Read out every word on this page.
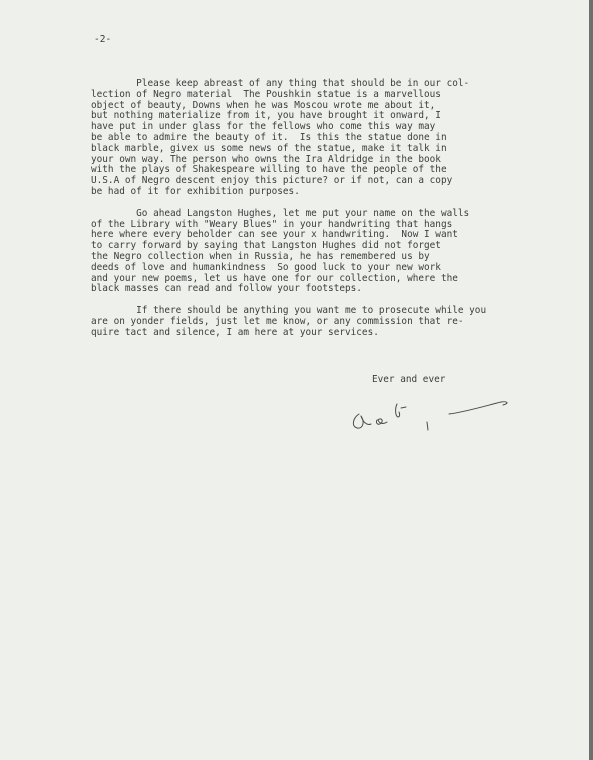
-2-

Please keep abreast of any thing that should be in our col-

lection of Negro material  The Poushkin statue is a marvellous

object of beauty, Downs when he was Moscou wrote me about it,

but nothing materialize from it, you have brought it onward, I

have put in under glass for the fellows who come this way may

be able to admire the beauty of it.  Is this the statue done in

black marble, givex us some news of the statue, make it talk in

your own way. The person who owns the Ira Aldridge in the book

with the plays of Shakespeare willing to have the people of the

U.S.A of Negro descent enjoy this picture? or if not, can a copy

be had of it for exhibition purposes.

Go ahead Langston Hughes, let me put your name on the walls

of the Library with "Weary Blues" in your handwriting that hangs

here where every beholder can see your x handwriting.  Now I want

to carry forward by saying that Langston Hughes did not forget

the Negro collection when in Russia, he has remembered us by

deeds of love and humankindness  So good luck to your new work

and your new poems, let us have one for our collection, where the

black masses can read and follow your footsteps.

If there should be anything you want me to prosecute while you

are on yonder fields, just let me know, or any commission that re-

quire tact and silence, I am here at your services.

Ever and ever
